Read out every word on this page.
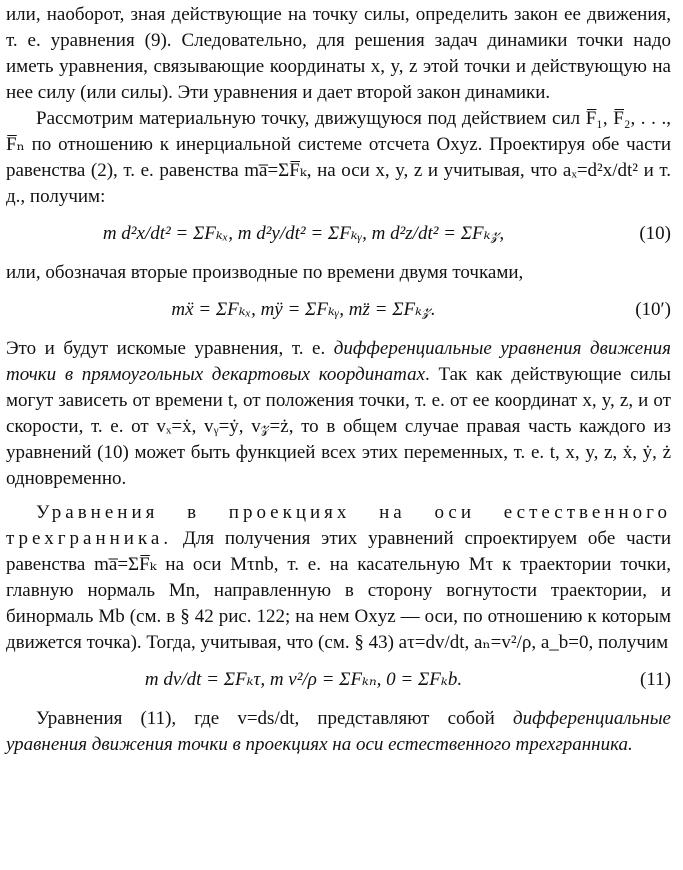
или, наоборот, зная действующие на точку силы, определить закон ее движения, т. е. уравнения (9). Следовательно, для решения задач динамики точки надо иметь уравнения, связывающие координаты x, y, z этой точки и действующую на нее силу (или силы). Эти уравнения и дает второй закон динамики.

Рассмотрим материальную точку, движущуюся под действием сил F̅₁, F̅₂, . . ., F̅ₙ по отношению к инерциальной системе отсчета Oxyz. Проектируя обе части равенства (2), т. е. равенства ma̅=ΣF̅ₖ, на оси x, y, z и учитывая, что aₓ=d²x/dt² и т. д., получим:

m d²x/dt² = ΣFₖₓ, m d²y/dt² = ΣFₖᵧ, m d²z/dt² = ΣFₖ𝓏,	(10)

или, обозначая вторые производные по времени двумя точками,

mẍ = ΣFₖₓ, mÿ = ΣFₖᵧ, mz̈ = ΣFₖ𝓏.	(10′)

Это и будут искомые уравнения, т. е. дифференциальные уравнения движения точки в прямоугольных декартовых координатах. Так как действующие силы могут зависеть от времени t, от положения точки, т. е. от ее координат x, y, z, и от скорости, т. е. от vₓ=ẋ, vᵧ=ẏ, v𝓏=ż, то в общем случае правая часть каждого из уравнений (10) может быть функцией всех этих переменных, т. е. t, x, y, z, ẋ, ẏ, ż одновременно.

Уравнения в проекциях на оси естественного трехгранника. Для получения этих уравнений спроектируем обе части равенства ma̅=ΣF̅ₖ на оси Mτnb, т. е. на касательную Mτ к траектории точки, главную нормаль Mn, направленную в сторону вогнутости траектории, и бинормаль Mb (см. в § 42 рис. 122; на нем Oxyz — оси, по отношению к которым движется точка). Тогда, учитывая, что (см. § 43) aτ=dv/dt, aₙ=v²/ρ, a_b=0, получим

m dv/dt = ΣFₖτ, m v²/ρ = ΣFₖₙ, 0 = ΣFₖb.	(11)

Уравнения (11), где v=ds/dt, представляют собой дифференциальные уравнения движения точки в проекциях на оси естественного трехгранника.
